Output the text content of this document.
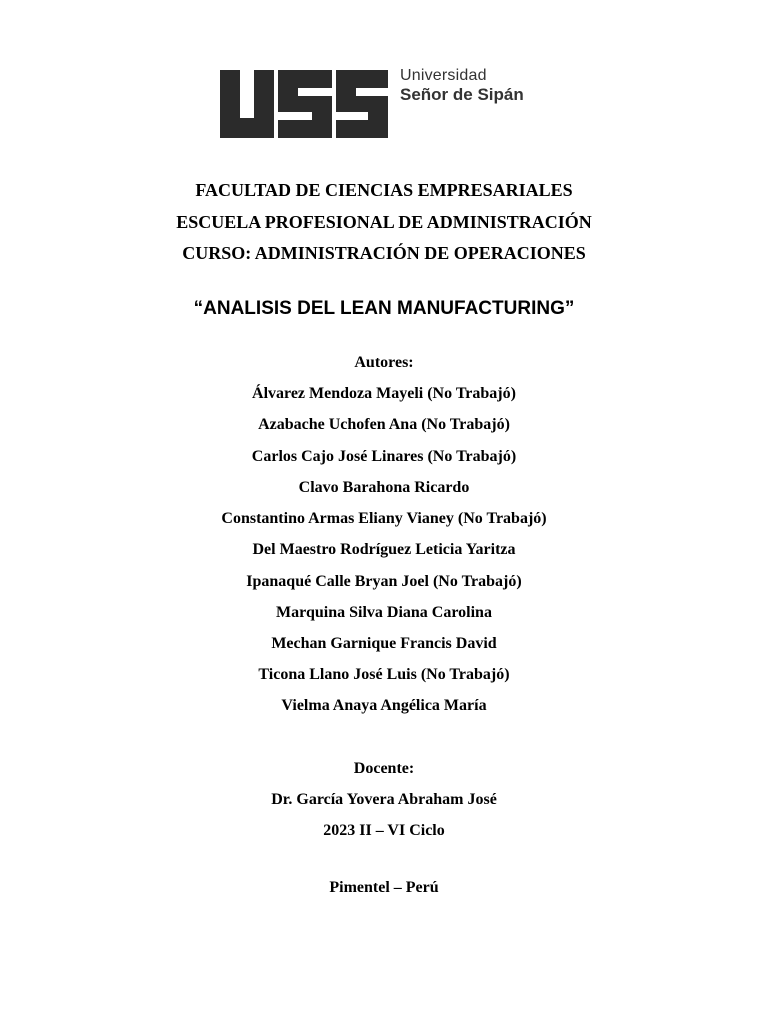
Universidad
Señor de Sipán
FACULTAD DE CIENCIAS EMPRESARIALES
ESCUELA PROFESIONAL DE ADMINISTRACIÓN
CURSO: ADMINISTRACIÓN DE OPERACIONES
“ANALISIS DEL LEAN MANUFACTURING”
Autores:
Álvarez Mendoza Mayeli (No Trabajó)
Azabache Uchofen Ana (No Trabajó)
Carlos Cajo José Linares (No Trabajó)
Clavo Barahona Ricardo
Constantino Armas Eliany Vianey (No Trabajó)
Del Maestro Rodríguez Leticia Yaritza
Ipanaqué Calle Bryan Joel (No Trabajó)
Marquina Silva Diana Carolina
Mechan Garnique Francis David
Ticona Llano José Luis (No Trabajó)
Vielma Anaya Angélica María
Docente:
Dr. García Yovera Abraham José
2023 II – VI Ciclo
Pimentel – Perú
